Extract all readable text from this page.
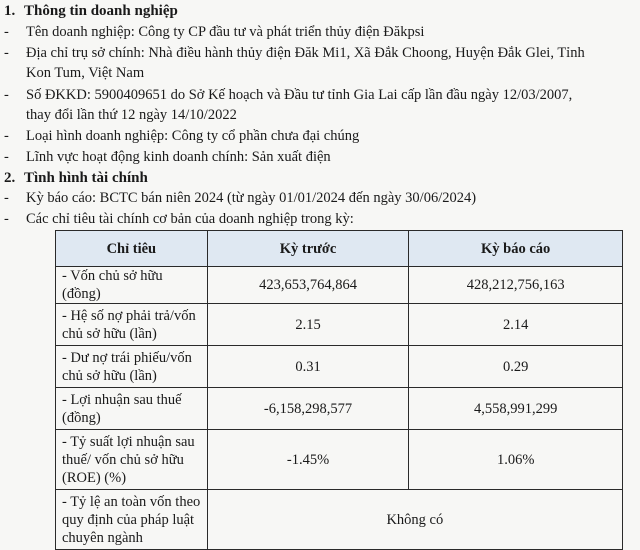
1. Thông tin doanh nghiệp
- Tên doanh nghiệp: Công ty CP đầu tư và phát triển thủy điện Đăkpsi
- Địa chỉ trụ sở chính: Nhà điều hành thủy điện Đăk Mi1, Xã Đắk Choong, Huyện Đắk Glei, Tỉnh
Kon Tum, Việt Nam
- Số ĐKKD: 5900409651 do Sở Kế hoạch và Đầu tư tỉnh Gia Lai cấp lần đầu ngày 12/03/2007,
thay đổi lần thứ 12 ngày 14/10/2022
- Loại hình doanh nghiệp: Công ty cổ phần chưa đại chúng
- Lĩnh vực hoạt động kinh doanh chính: Sản xuất điện
2. Tình hình tài chính
- Kỳ báo cáo: BCTC bán niên 2024 (từ ngày 01/01/2024 đến ngày 30/06/2024)
- Các chỉ tiêu tài chính cơ bản của doanh nghiệp trong kỳ:
Chỉ tiêu	Kỳ trước	Kỳ báo cáo
- Vốn chủ sở hữu (đồng)	423,653,764,864	428,212,756,163
- Hệ số nợ phải trả/vốn
chủ sở hữu (lần)	2.15	2.14
- Dư nợ trái phiếu/vốn
chủ sở hữu (lần)	0.31	0.29
- Lợi nhuận sau thuế
(đồng)	-6,158,298,577	4,558,991,299
- Tỷ suất lợi nhuận sau
thuế/ vốn chủ sở hữu
(ROE) (%)	-1.45%	1.06%
- Tỷ lệ an toàn vốn theo
quy định của pháp luật
chuyên ngành	Không có	
